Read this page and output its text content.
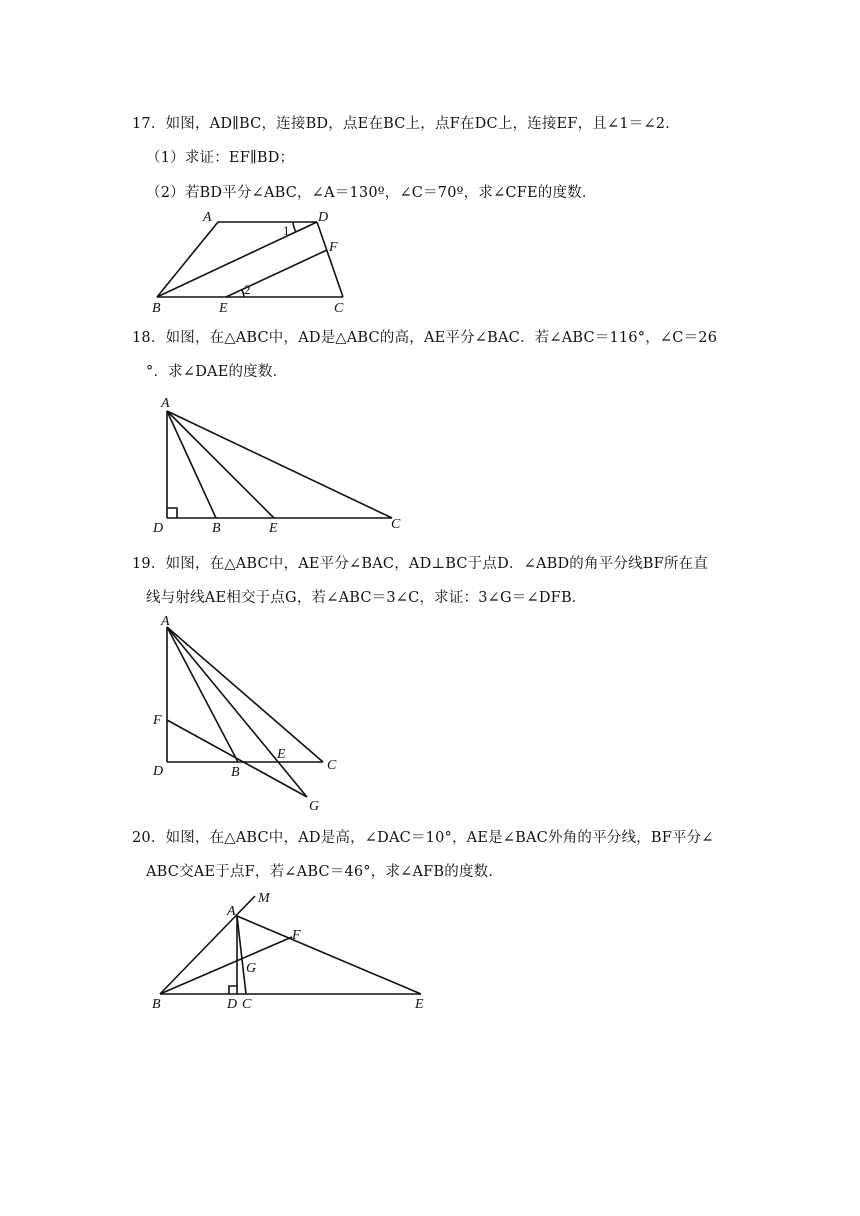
17．如图，AD∥BC，连接BD，点E在BC上，点F在DC上，连接EF，且∠1＝∠2．
（1）求证：EF∥BD；
（2）若BD平分∠ABC，∠A＝130º，∠C＝70º，求∠CFE的度数．
A	D
F
B	E	C
1
2
18．如图，在△ABC中，AD是△ABC的高，AE平分∠BAC．若∠ABC＝116°，∠C＝26
°．求∠DAE的度数．
A
D	B	E	C
19．如图，在△ABC中，AE平分∠BAC，AD⊥BC于点D．∠ABD的角平分线BF所在直
线与射线AE相交于点G，若∠ABC＝3∠C，求证：3∠G＝∠DFB．
A
F
D	B
E
C
G
20．如图，在△ABC中，AD是高，∠DAC＝10°，AE是∠BAC外角的平分线，BF平分∠
ABC交AE于点F，若∠ABC＝46°，求∠AFB的度数．
A
M
F
G
B	D C	E
